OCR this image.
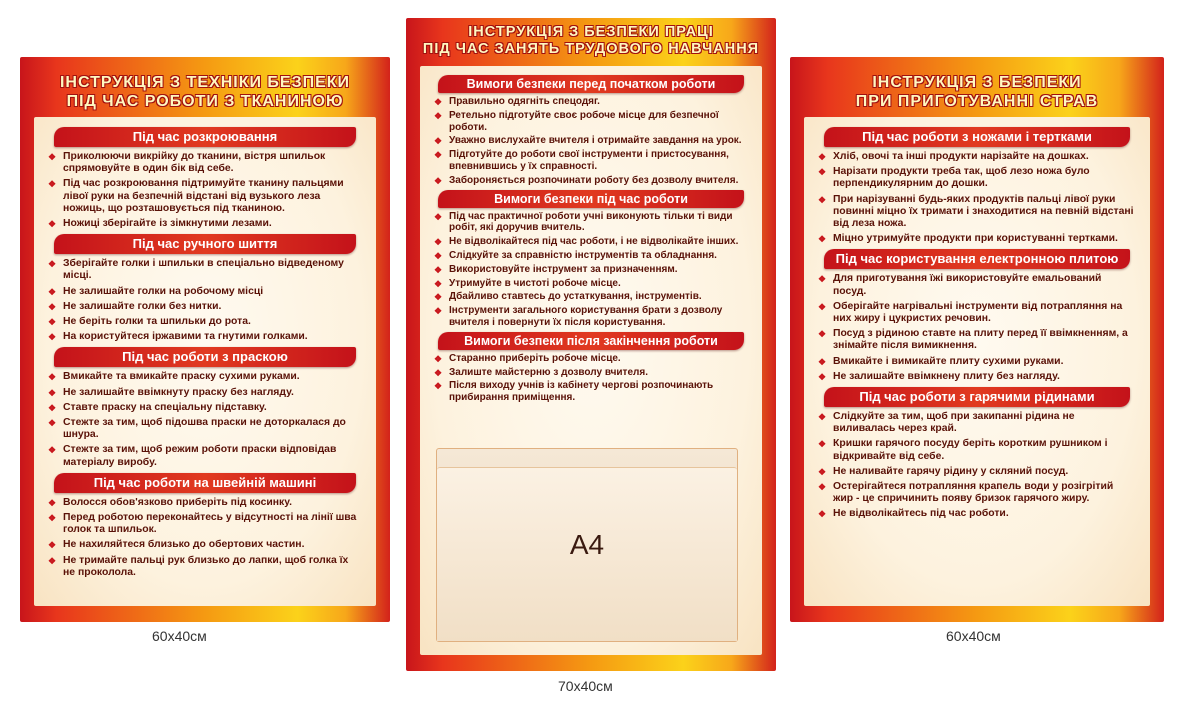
ІНСТРУКЦІЯ З ТЕХНІКИ БЕЗПЕКИ
ПІД ЧАС РОБОТИ З ТКАНИНОЮ
Під час розкроювання
❖ Приколюючи викрійку до тканини, вістря шпильок спрямовуйте в один бік від себе.
❖ Під час розкроювання підтримуйте тканину пальцями лівої руки на безпечній відстані від вузького леза ножиць, що розташовується під тканиною.
❖ Ножиці зберігайте із зімкнутими лезами.
Під час ручного шиття
❖ Зберігайте голки і шпильки в спеціально відведеному місці.
❖ Не залишайте голки на робочому місці
❖ Не залишайте голки без нитки.
❖ Не беріть голки та шпильки до рота.
❖ На користуйтеся іржавими та гнутими голками.
Під час роботи з праскою
❖ Вмикайте та вмикайте праску сухими руками.
❖ Не залишайте ввімкнуту праску без нагляду.
❖ Ставте праску на спеціальну підставку.
❖ Стежте за тим, щоб підошва праски не доторкалася до шнура.
❖ Стежте за тим, щоб режим роботи праски відповідав матеріалу виробу.
Під час роботи на швейній машині
❖ Волосся обов'язково приберіть під косинку.
❖ Перед роботою переконайтесь у відсутності на лінії шва голок та шпильок.
❖ Не нахиляйтеся близько до обертових частин.
❖ Не тримайте пальці рук близько до лапки, щоб голка їх не проколола.
60x40см
ІНСТРУКЦІЯ З БЕЗПЕКИ ПРАЦІ
ПІД ЧАС ЗАНЯТЬ ТРУДОВОГО НАВЧАННЯ
Вимоги безпеки перед початком роботи
❖ Правильно одягніть спецодяг.
❖ Ретельно підготуйте своє робоче місце для безпечної роботи.
❖ Уважно вислухайте вчителя і отримайте завдання на урок.
❖ Підготуйте до роботи свої інструменти і пристосування, впевнившись у їх справності.
❖ Забороняється розпочинати роботу без дозволу вчителя.
Вимоги безпеки під час роботи
❖ Під час практичної роботи учні виконують тільки ті види робіт, які доручив вчитель.
❖ Не відволікайтеся під час роботи, і не відволікайте інших.
❖ Слідкуйте за справністю інструментів та обладнання.
❖ Використовуйте інструмент за призначенням.
❖ Утримуйте в чистоті робоче місце.
❖ Дбайливо ставтесь до устаткування, інструментів.
❖ Інструменти загального користування брати з дозволу вчителя і повернути їх після користування.
Вимоги безпеки після закінчення роботи
❖ Старанно приберіть робоче місце.
❖ Залиште майстерню з дозволу вчителя.
❖ Після виходу учнів із кабінету чергові розпочинають прибирання приміщення.
А4
70x40см
ІНСТРУКЦІЯ З БЕЗПЕКИ
ПРИ ПРИГОТУВАННІ СТРАВ
Під час роботи з ножами і тертками
❖ Хліб, овочі та інші продукти нарізайте на дошках.
❖ Нарізати продукти треба так, щоб лезо ножа було перпендикулярним до дошки.
❖ При нарізуванні будь-яких продуктів пальці лівої руки повинні міцно їх тримати і знаходитися на певній відстані від леза ножа.
❖ Міцно утримуйте продукти при користуванні тертками.
Під час користування електронною плитою
❖ Для приготування їжі використовуйте емальований посуд.
❖ Оберігайте нагрівальні інструменти від потрапляння на них жиру і цукристих речовин.
❖ Посуд з рідиною ставте на плиту перед її ввімкненням, а знімайте після вимикнення.
❖ Вмикайте і вимикайте плиту сухими руками.
❖ Не залишайте ввімкнену плиту без нагляду.
Під час роботи з гарячими рідинами
❖ Слідкуйте за тим, щоб при закипанні рідина не виливалась через край.
❖ Кришки гарячого посуду беріть коротким рушником і відкривайте від себе.
❖ Не наливайте гарячу рідину у скляний посуд.
❖ Остерігайтеся потрапляння крапель води у розігрітий жир - це спричинить появу бризок гарячого жиру.
❖ Не відволікайтесь під час роботи.
60x40см
